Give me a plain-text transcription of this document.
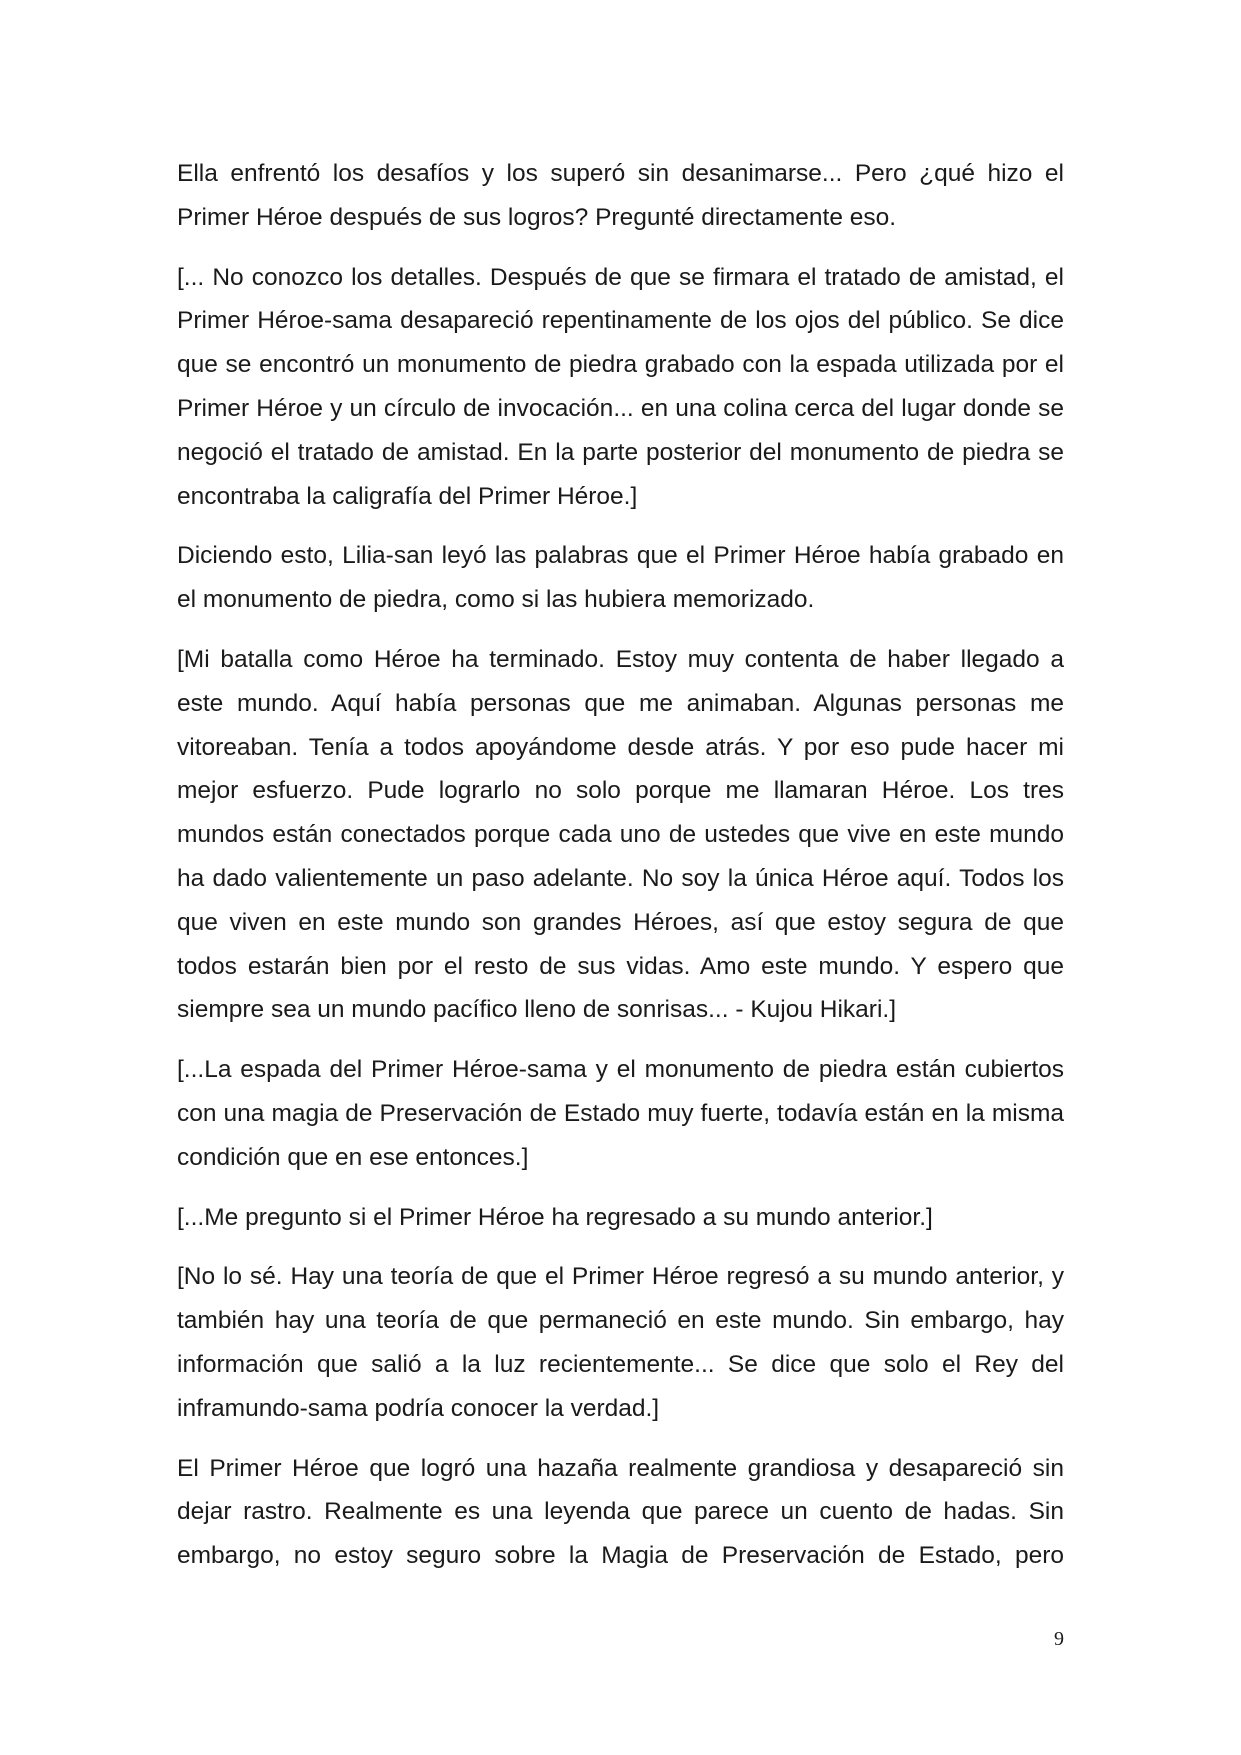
Ella enfrentó los desafíos y los superó sin desanimarse... Pero ¿qué hizo el Primer Héroe después de sus logros? Pregunté directamente eso.

[... No conozco los detalles. Después de que se firmara el tratado de amistad, el Primer Héroe-sama desapareció repentinamente de los ojos del público. Se dice que se encontró un monumento de piedra grabado con la espada utilizada por el Primer Héroe y un círculo de invocación... en una colina cerca del lugar donde se negoció el tratado de amistad. En la parte posterior del monumento de piedra se encontraba la caligrafía del Primer Héroe.]

Diciendo esto, Lilia-san leyó las palabras que el Primer Héroe había grabado en el monumento de piedra, como si las hubiera memorizado.

[Mi batalla como Héroe ha terminado. Estoy muy contenta de haber llegado a este mundo. Aquí había personas que me animaban. Algunas personas me vitoreaban. Tenía a todos apoyándome desde atrás. Y por eso pude hacer mi mejor esfuerzo. Pude lograrlo no solo porque me llamaran Héroe. Los tres mundos están conectados porque cada uno de ustedes que vive en este mundo ha dado valientemente un paso adelante. No soy la única Héroe aquí. Todos los que viven en este mundo son grandes Héroes, así que estoy segura de que todos estarán bien por el resto de sus vidas. Amo este mundo. Y espero que siempre sea un mundo pacífico lleno de sonrisas... - Kujou Hikari.]

[...La espada del Primer Héroe-sama y el monumento de piedra están cubiertos con una magia de Preservación de Estado muy fuerte, todavía están en la misma condición que en ese entonces.]

[...Me pregunto si el Primer Héroe ha regresado a su mundo anterior.]

[No lo sé. Hay una teoría de que el Primer Héroe regresó a su mundo anterior, y también hay una teoría de que permaneció en este mundo. Sin embargo, hay información que salió a la luz recientemente... Se dice que solo el Rey del inframundo-sama podría conocer la verdad.]

El Primer Héroe que logró una hazaña realmente grandiosa y desapareció sin dejar rastro. Realmente es una leyenda que parece un cuento de hadas. Sin embargo, no estoy seguro sobre la Magia de Preservación de Estado, pero

9
